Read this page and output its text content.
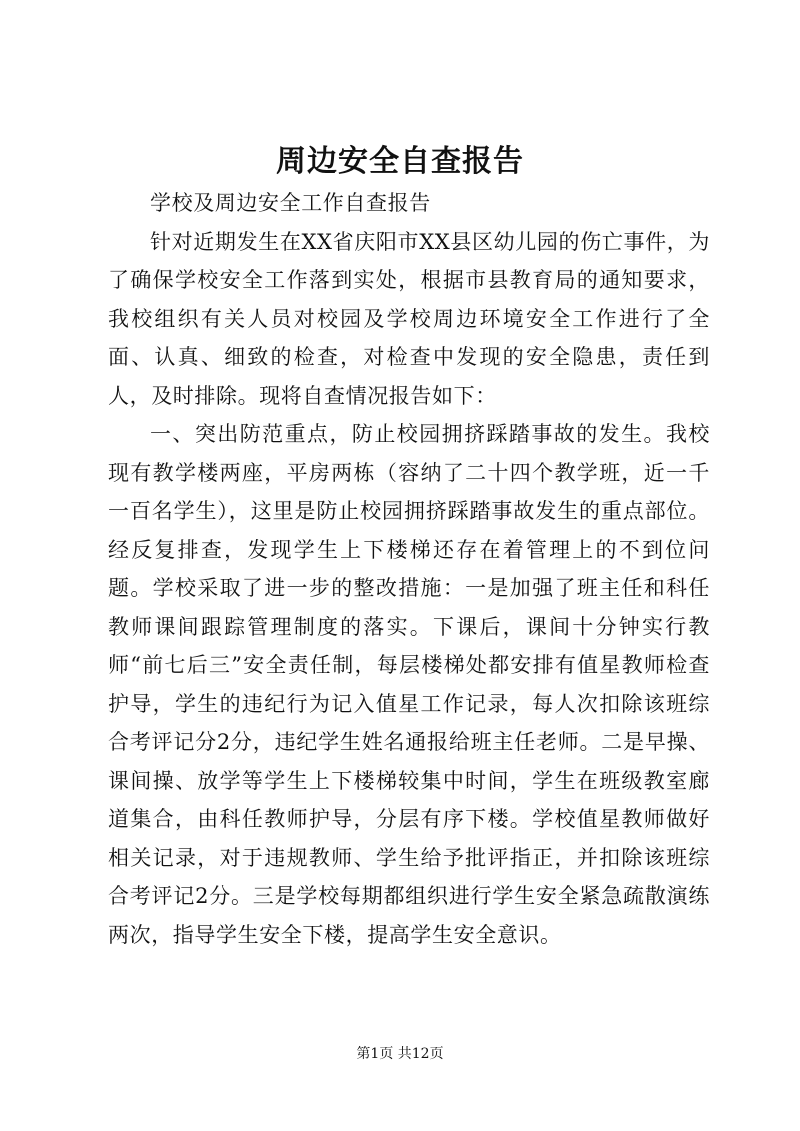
周边安全自查报告

学校及周边安全工作自查报告

针对近期发生在XX省庆阳市XX县区幼儿园的伤亡事件，为了确保学校安全工作落到实处，根据市县教育局的通知要求，我校组织有关人员对校园及学校周边环境安全工作进行了全面、认真、细致的检查，对检查中发现的安全隐患，责任到人，及时排除。现将自查情况报告如下：

一、突出防范重点，防止校园拥挤踩踏事故的发生。我校现有教学楼两座，平房两栋（容纳了二十四个教学班，近一千一百名学生），这里是防止校园拥挤踩踏事故发生的重点部位。经反复排查，发现学生上下楼梯还存在着管理上的不到位问题。学校采取了进一步的整改措施：一是加强了班主任和科任教师课间跟踪管理制度的落实。下课后，课间十分钟实行教师“前七后三”安全责任制，每层楼梯处都安排有值星教师检查护导，学生的违纪行为记入值星工作记录，每人次扣除该班综合考评记分2分，违纪学生姓名通报给班主任老师。二是早操、课间操、放学等学生上下楼梯较集中时间，学生在班级教室廊道集合，由科任教师护导，分层有序下楼。学校值星教师做好相关记录，对于违规教师、学生给予批评指正，并扣除该班综合考评记2分。三是学校每期都组织进行学生安全紧急疏散演练两次，指导学生安全下楼，提高学生安全意识。

第1页 共12页
